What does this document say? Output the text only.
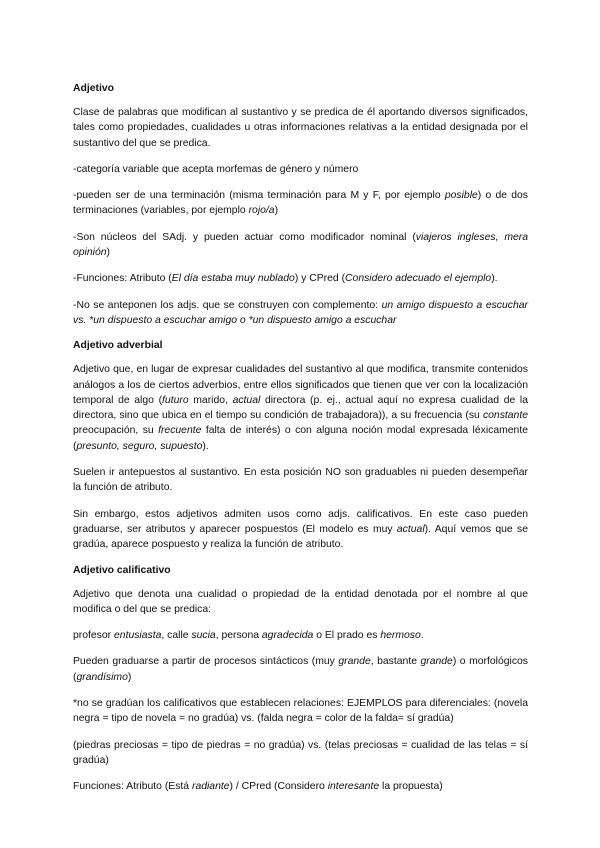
Adjetivo

Clase de palabras que modifican al sustantivo y se predica de él aportando diversos significados, tales como propiedades, cualidades u otras informaciones relativas a la entidad designada por el sustantivo del que se predica.

-categoría variable que acepta morfemas de género y número

-pueden ser de una terminación (misma terminación para M y F, por ejemplo posible) o de dos terminaciones (variables, por ejemplo rojo/a)

-Son núcleos del SAdj. y pueden actuar como modificador nominal (viajeros ingleses, mera opinión)

-Funciones: Atributo (El día estaba muy nublado) y CPred (Considero adecuado el ejemplo).

-No se anteponen los adjs. que se construyen con complemento: un amigo dispuesto a escuchar vs. *un dispuesto a escuchar amigo o *un dispuesto amigo a escuchar

Adjetivo adverbial

Adjetivo que, en lugar de expresar cualidades del sustantivo al que modifica, transmite contenidos análogos a los de ciertos adverbios, entre ellos significados que tienen que ver con la localización temporal de algo (futuro marido, actual directora (p. ej., actual aquí no expresa cualidad de la directora, sino que ubica en el tiempo su condición de trabajadora)), a su frecuencia (su constante preocupación, su frecuente falta de interés) o con alguna noción modal expresada léxicamente (presunto, seguro, supuesto).

Suelen ir antepuestos al sustantivo. En esta posición NO son graduables ni pueden desempeñar la función de atributo.

Sin embargo, estos adjetivos admiten usos como adjs. calificativos. En este caso pueden graduarse, ser atributos y aparecer pospuestos (El modelo es muy actual). Aquí vemos que se gradúa, aparece pospuesto y realiza la función de atributo.

Adjetivo calificativo

Adjetivo que denota una cualidad o propiedad de la entidad denotada por el nombre al que modifica o del que se predica:

profesor entusiasta, calle sucia, persona agradecida o El prado es hermoso.

Pueden graduarse a partir de procesos sintácticos (muy grande, bastante grande) o morfológicos (grandísimo)

*no se gradúan los calificativos que establecen relaciones: EJEMPLOS para diferenciales: (novela negra = tipo de novela = no gradúa) vs. (falda negra = color de la falda= sí gradúa)

(piedras preciosas = tipo de piedras = no gradúa) vs. (telas preciosas = cualidad de las telas = sí gradúa)

Funciones: Atributo (Está radiante) / CPred (Considero interesante la propuesta)
